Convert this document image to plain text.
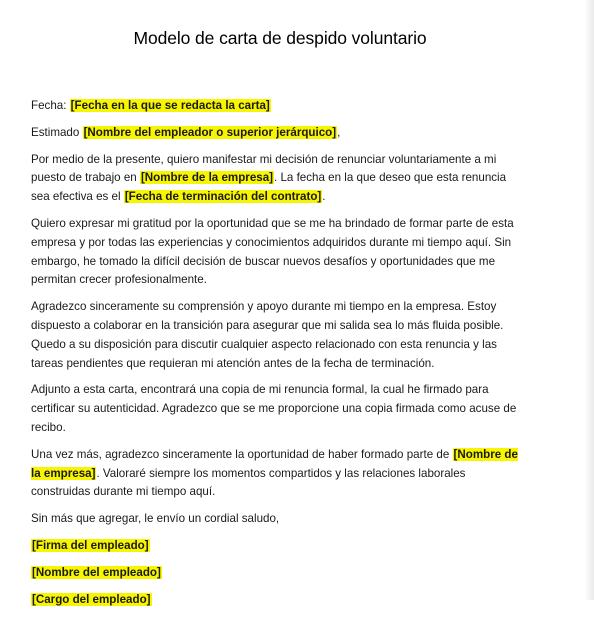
Modelo de carta de despido voluntario

Fecha: [Fecha en la que se redacta la carta]

Estimado [Nombre del empleador o superior jerárquico],

Por medio de la presente, quiero manifestar mi decisión de renunciar voluntariamente a mi puesto de trabajo en [Nombre de la empresa]. La fecha en la que deseo que esta renuncia sea efectiva es el [Fecha de terminación del contrato].

Quiero expresar mi gratitud por la oportunidad que se me ha brindado de formar parte de esta empresa y por todas las experiencias y conocimientos adquiridos durante mi tiempo aquí. Sin embargo, he tomado la difícil decisión de buscar nuevos desafíos y oportunidades que me permitan crecer profesionalmente.

Agradezco sinceramente su comprensión y apoyo durante mi tiempo en la empresa. Estoy dispuesto a colaborar en la transición para asegurar que mi salida sea lo más fluida posible. Quedo a su disposición para discutir cualquier aspecto relacionado con esta renuncia y las tareas pendientes que requieran mi atención antes de la fecha de terminación.

Adjunto a esta carta, encontrará una copia de mi renuncia formal, la cual he firmado para certificar su autenticidad. Agradezco que se me proporcione una copia firmada como acuse de recibo.

Una vez más, agradezco sinceramente la oportunidad de haber formado parte de [Nombre de la empresa]. Valoraré siempre los momentos compartidos y las relaciones laborales construidas durante mi tiempo aquí.

Sin más que agregar, le envío un cordial saludo,

[Firma del empleado]

[Nombre del empleado]

[Cargo del empleado]
